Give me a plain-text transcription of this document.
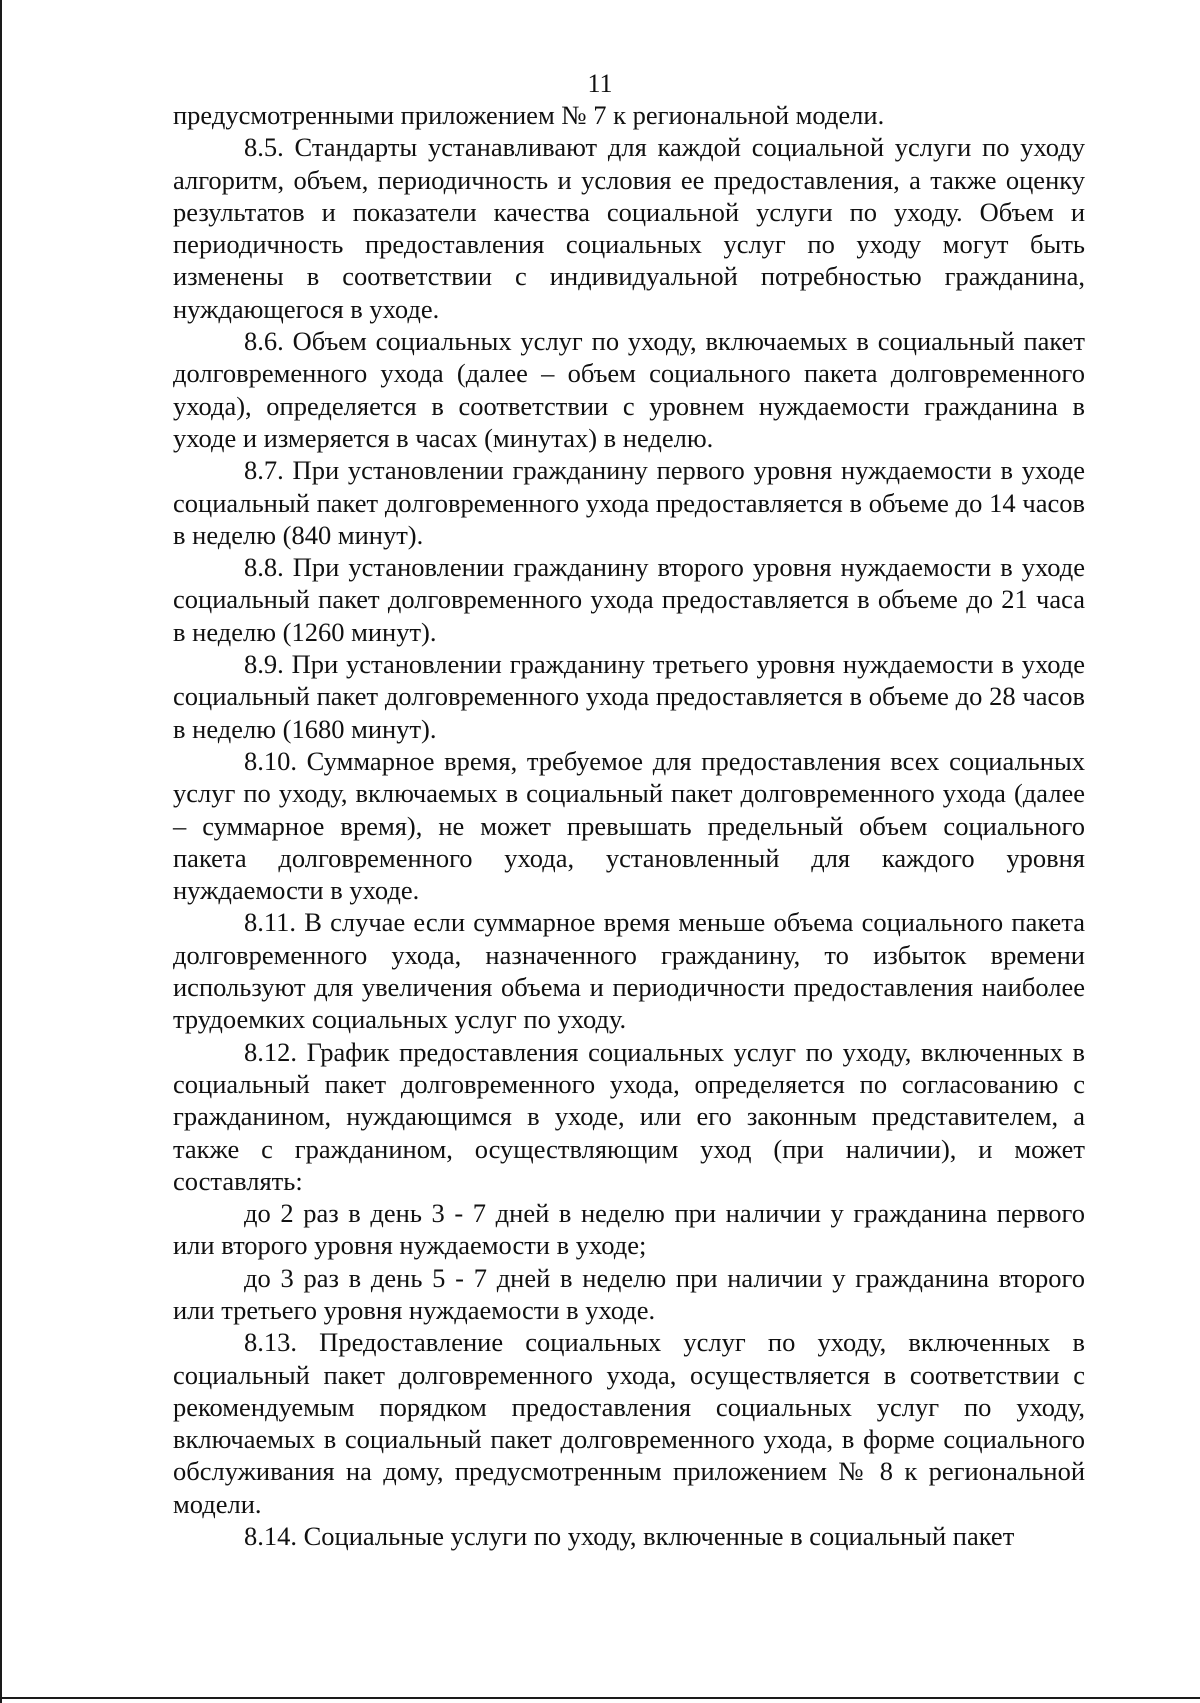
11

предусмотренными приложением № 7 к региональной модели.

8.5. Стандарты устанавливают для каждой социальной услуги по уходу алгоритм, объем, периодичность и условия ее предоставления, а также оценку результатов и показатели качества социальной услуги по уходу. Объем и периодичность предоставления социальных услуг по уходу могут быть изменены в соответствии с индивидуальной потребностью гражданина, нуждающегося в уходе.

8.6. Объем социальных услуг по уходу, включаемых в социальный пакет долговременного ухода (далее – объем социального пакета долговременного ухода), определяется в соответствии с уровнем нуждаемости гражданина в уходе и измеряется в часах (минутах) в неделю.

8.7. При установлении гражданину первого уровня нуждаемости в уходе социальный пакет долговременного ухода предоставляется в объеме до 14 часов в неделю (840 минут).

8.8. При установлении гражданину второго уровня нуждаемости в уходе социальный пакет долговременного ухода предоставляется в объеме до 21 часа в неделю (1260 минут).

8.9. При установлении гражданину третьего уровня нуждаемости в уходе социальный пакет долговременного ухода предоставляется в объеме до 28 часов в неделю (1680 минут).

8.10. Суммарное время, требуемое для предоставления всех социальных услуг по уходу, включаемых в социальный пакет долговременного ухода (далее – суммарное время), не может превышать предельный объем социального пакета долговременного ухода, установленный для каждого уровня нуждаемости в уходе.

8.11. В случае если суммарное время меньше объема социального пакета долговременного ухода, назначенного гражданину, то избыток времени используют для увеличения объема и периодичности предоставления наиболее трудоемких социальных услуг по уходу.

8.12. График предоставления социальных услуг по уходу, включенных в социальный пакет долговременного ухода, определяется по согласованию с гражданином, нуждающимся в уходе, или его законным представителем, а также с гражданином, осуществляющим уход (при наличии), и может составлять:

до 2 раз в день 3 - 7 дней в неделю при наличии у гражданина первого или второго уровня нуждаемости в уходе;

до 3 раз в день 5 - 7 дней в неделю при наличии у гражданина второго или третьего уровня нуждаемости в уходе.

8.13. Предоставление социальных услуг по уходу, включенных в социальный пакет долговременного ухода, осуществляется в соответствии с рекомендуемым порядком предоставления социальных услуг по уходу, включаемых в социальный пакет долговременного ухода, в форме социального обслуживания на дому, предусмотренным приложением № 8 к региональной модели.

8.14. Социальные услуги по уходу, включенные в социальный пакет
